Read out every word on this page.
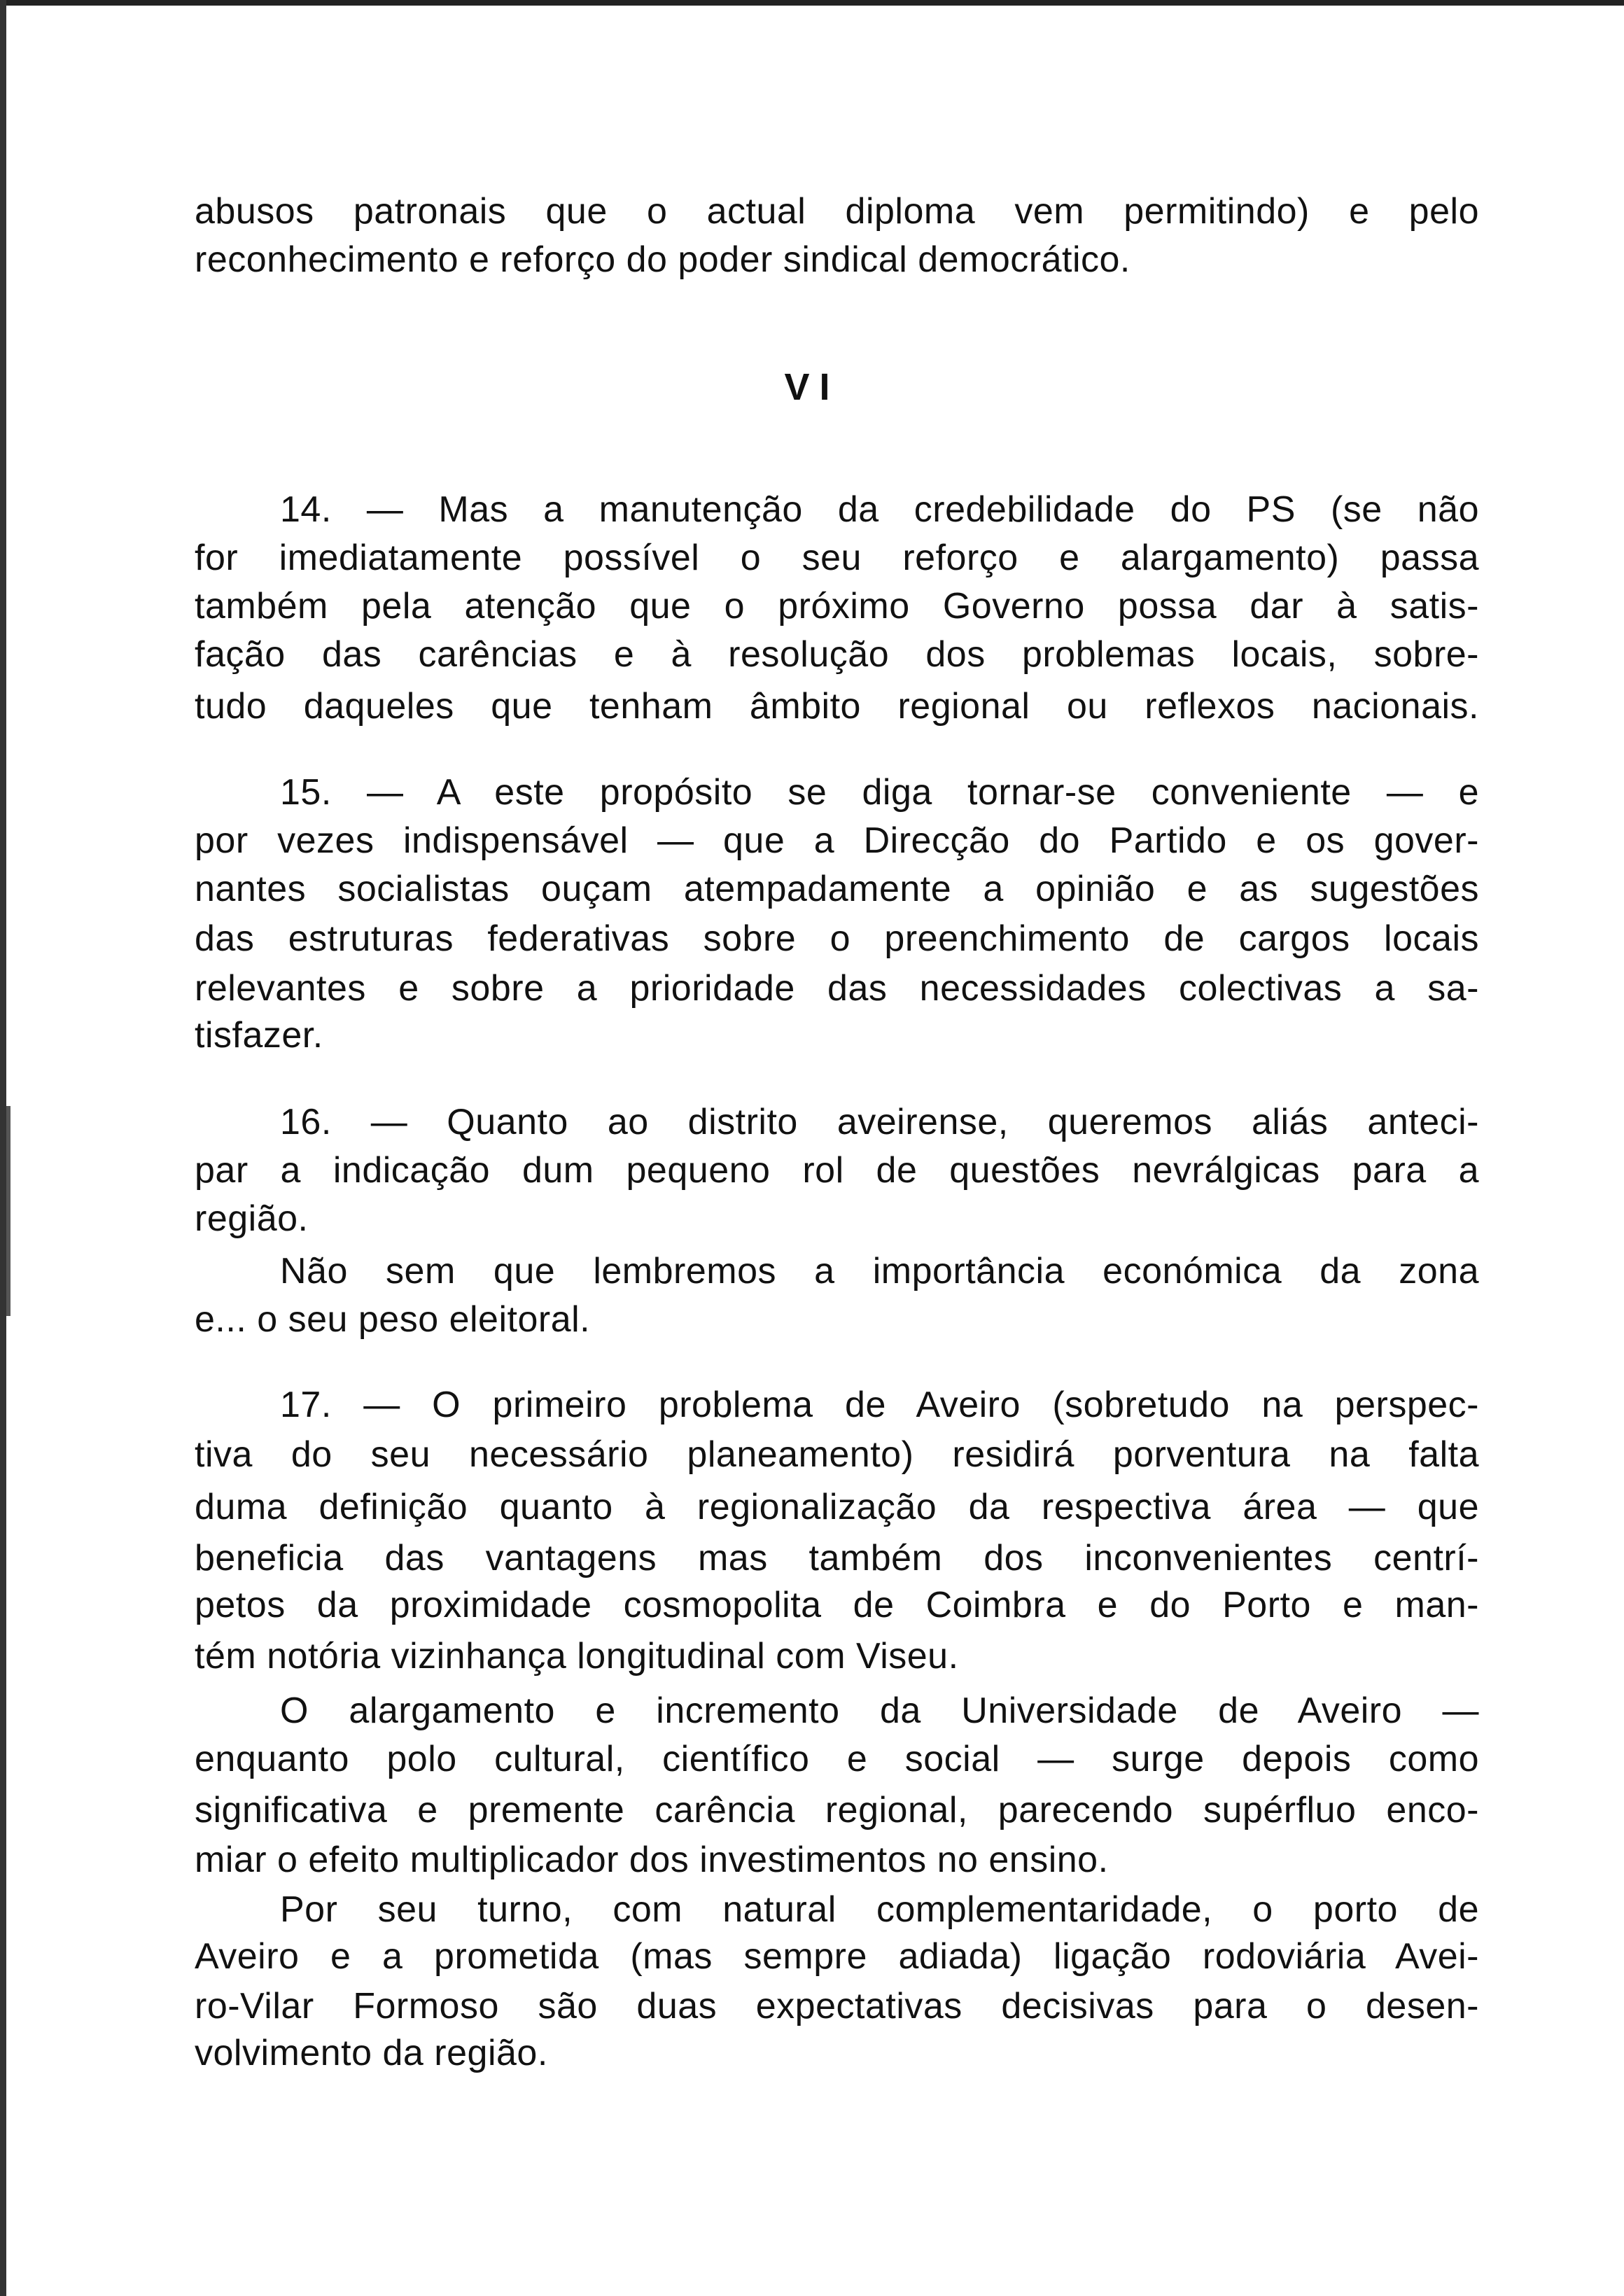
abusos patronais que o actual diploma vem permitindo) e pelo
reconhecimento e reforço do poder sindical democrático.
VI
14. — Mas a manutenção da credebilidade do PS (se não
for imediatamente possível o seu reforço e alargamento) passa
também pela atenção que o próximo Governo possa dar à satis-
fação das carências e à resolução dos problemas locais, sobre-
tudo daqueles que tenham âmbito regional ou reflexos nacionais.
15. — A este propósito se diga tornar-se conveniente — e
por vezes indispensável — que a Direcção do Partido e os gover-
nantes socialistas ouçam atempadamente a opinião e as sugestões
das estruturas federativas sobre o preenchimento de cargos locais
relevantes e sobre a prioridade das necessidades colectivas a sa-
tisfazer.
16. — Quanto ao distrito aveirense, queremos aliás anteci-
par a indicação dum pequeno rol de questões nevrálgicas para a
região.
Não sem que lembremos a importância económica da zona
e... o seu peso eleitoral.
17. — O primeiro problema de Aveiro (sobretudo na perspec-
tiva do seu necessário planeamento) residirá porventura na falta
duma definição quanto à regionalização da respectiva área — que
beneficia das vantagens mas também dos inconvenientes centrí-
petos da proximidade cosmopolita de Coimbra e do Porto e man-
tém notória vizinhança longitudinal com Viseu.
O alargamento e incremento da Universidade de Aveiro —
enquanto polo cultural, científico e social — surge depois como
significativa e premente carência regional, parecendo supérfluo enco-
miar o efeito multiplicador dos investimentos no ensino.
Por seu turno, com natural complementaridade, o porto de
Aveiro e a prometida (mas sempre adiada) ligação rodoviária Avei-
ro-Vilar Formoso são duas expectativas decisivas para o desen-
volvimento da região.
